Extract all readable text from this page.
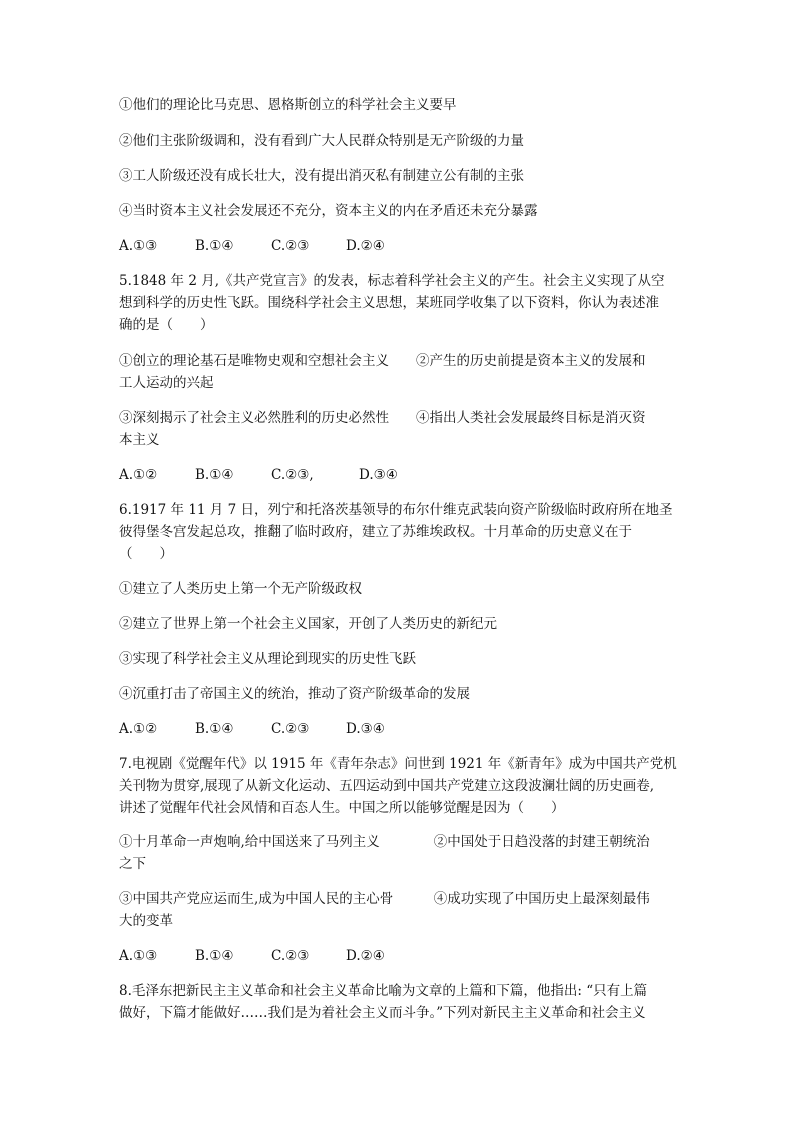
①他们的理论比马克思、恩格斯创立的科学社会主义要早
②他们主张阶级调和，没有看到广大人民群众特别是无产阶级的力量
③工人阶级还没有成长壮大，没有提出消灭私有制建立公有制的主张
④当时资本主义社会发展还不充分，资本主义的内在矛盾还未充分暴露
A.①③	B.①④	C.②③	D.②④
5.1848 年 2 月,《共产党宣言》的发表，标志着科学社会主义的产生。社会主义实现了从空
想到科学的历史性飞跃。围绕科学社会主义思想，某班同学收集了以下资料，你认为表述准
确的是（　　）
①创立的理论基石是唯物史观和空想社会主义　　②产生的历史前提是资本主义的发展和
工人运动的兴起
③深刻揭示了社会主义必然胜利的历史必然性　　④指出人类社会发展最终目标是消灭资
本主义
A.①②	B.①④	C.②③,	D.③④
6.1917 年 11 月 7 日，列宁和托洛茨基领导的布尔什维克武装向资产阶级临时政府所在地圣
彼得堡冬宫发起总攻，推翻了临时政府，建立了苏维埃政权。十月革命的历史意义在于
（　　）
①建立了人类历史上第一个无产阶级政权
②建立了世界上第一个社会主义国家，开创了人类历史的新纪元
③实现了科学社会主义从理论到现实的历史性飞跃
④沉重打击了帝国主义的统治，推动了资产阶级革命的发展
A.①②	B.①④	C.②③	D.③④
7.电视剧《觉醒年代》以 1915 年《青年杂志》问世到 1921 年《新青年》成为中国共产党机
关刊物为贯穿,展现了从新文化运动、五四运动到中国共产党建立这段波澜壮阔的历史画卷,
讲述了觉醒年代社会风情和百态人生。中国之所以能够觉醒是因为（　　）
①十月革命一声炮响,给中国送来了马列主义　　　　②中国处于日趋没落的封建王朝统治
之下
③中国共产党应运而生,成为中国人民的主心骨　　　④成功实现了中国历史上最深刻最伟
大的变革
A.①③	B.①④	C.②③	D.②④
8.毛泽东把新民主主义革命和社会主义革命比喻为文章的上篇和下篇，他指出: “只有上篇
做好，下篇才能做好……我们是为着社会主义而斗争。”下列对新民主主义革命和社会主义
